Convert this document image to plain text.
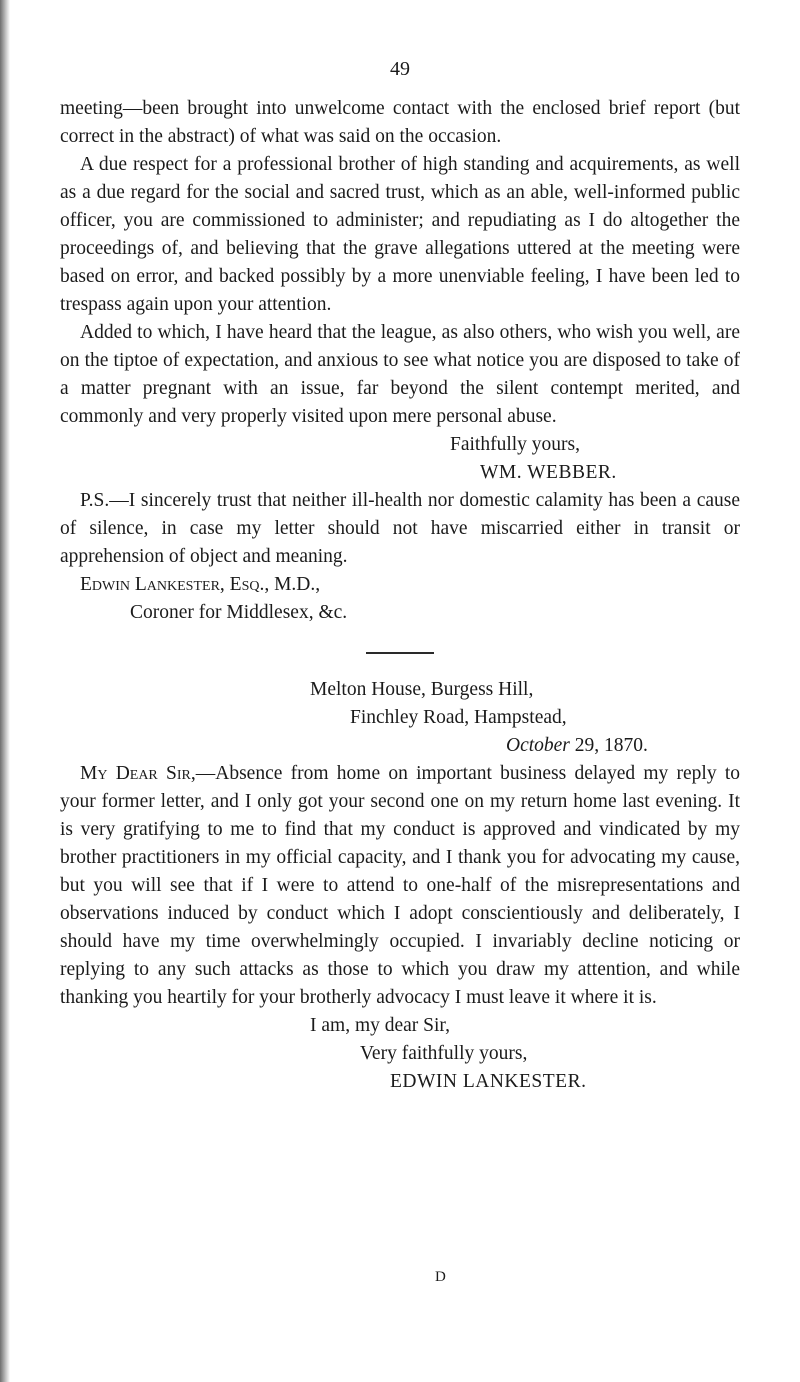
49

meeting—been brought into unwelcome contact with the enclosed brief report (but correct in the abstract) of what was said on the occasion.

A due respect for a professional brother of high standing and acquirements, as well as a due regard for the social and sacred trust, which as an able, well-informed public officer, you are commissioned to administer; and repudiating as I do altogether the proceedings of, and believing that the grave allegations uttered at the meeting were based on error, and backed possibly by a more unenviable feeling, I have been led to trespass again upon your attention.

Added to which, I have heard that the league, as also others, who wish you well, are on the tiptoe of expectation, and anxious to see what notice you are disposed to take of a matter pregnant with an issue, far beyond the silent contempt merited, and commonly and very properly visited upon mere personal abuse.

Faithfully yours,

WM. WEBBER.

P.S.—I sincerely trust that neither ill-health nor domestic calamity has been a cause of silence, in case my letter should not have miscarried either in transit or apprehension of object and meaning.

Edwin Lankester, Esq., M.D.,

Coroner for Middlesex, &c.

Melton House, Burgess Hill,

Finchley Road, Hampstead,

October 29, 1870.

My Dear Sir,—Absence from home on important business delayed my reply to your former letter, and I only got your second one on my return home last evening. It is very gratifying to me to find that my conduct is approved and vindicated by my brother practitioners in my official capacity, and I thank you for advocating my cause, but you will see that if I were to attend to one-half of the misrepresentations and observations induced by conduct which I adopt conscientiously and deliberately, I should have my time overwhelmingly occupied. I invariably decline noticing or replying to any such attacks as those to which you draw my attention, and while thanking you heartily for your brotherly advocacy I must leave it where it is.

I am, my dear Sir,

Very faithfully yours,

EDWIN LANKESTER.

D
